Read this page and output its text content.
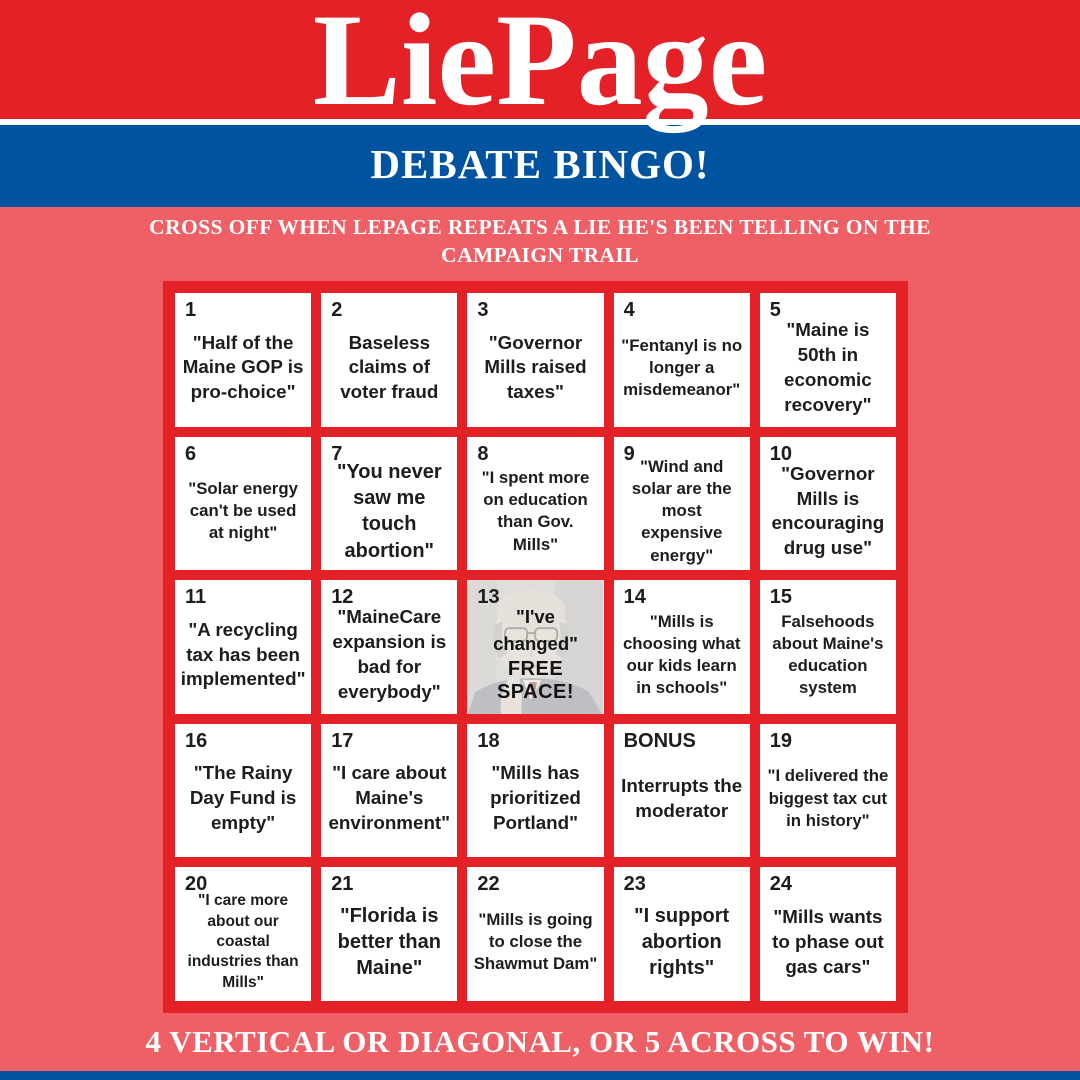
LiePage
DEBATE BINGO!
CROSS OFF WHEN LEPAGE REPEATS A LIE HE'S BEEN TELLING ON THE
CAMPAIGN TRAIL
1
"Half of the Maine GOP is pro-choice"
2
Baseless claims of voter fraud
3
"Governor Mills raised taxes"
4
"Fentanyl is no longer a misdemeanor"
5
"Maine is 50th in economic recovery"
6
"Solar energy can't be used at night"
7
"You never saw me touch abortion"
8
"I spent more on education than Gov. Mills"
9
"Wind and solar are the most expensive energy"
10
"Governor Mills is encouraging drug use"
11
"A recycling tax has been implemented"
12
"MaineCare expansion is bad for everybody"
13
"I've changed"
FREE SPACE!
14
"Mills is choosing what our kids learn in schools"
15
Falsehoods about Maine's education system
16
"The Rainy Day Fund is empty"
17
"I care about Maine's environment"
18
"Mills has prioritized Portland"
BONUS
Interrupts the moderator
19
"I delivered the biggest tax cut in history"
20
"I care more about our coastal industries than Mills"
21
"Florida is better than Maine"
22
"Mills is going to close the Shawmut Dam"
23
"I support abortion rights"
24
"Mills wants to phase out gas cars"
4 VERTICAL OR DIAGONAL, OR 5 ACROSS TO WIN!
